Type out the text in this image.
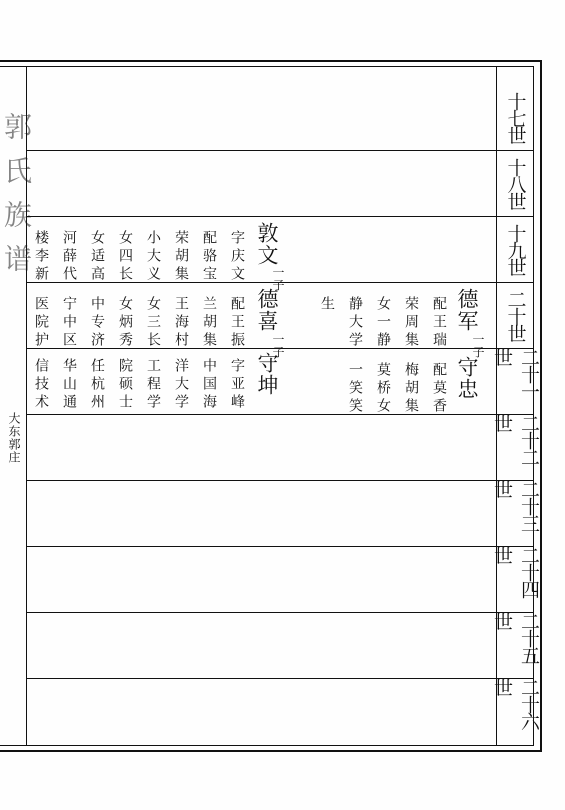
郭氏族谱
大东郭庄
十七世
十八世
十九世
二十世
二十一世
二十二世
二十三世
二十四世
二十五世
二十六世
德军
一子
配王瑞
荣周集
女一静
静大学
生
守忠
配莫香
梅胡集
莫桥女
一笑笑
敦文
一子
字庆文
配骆宝
荣胡集
小大义
女四长
女适高
河薛代
楼李新
德喜
一子
配王振
兰胡集
王海村
女三长
女炳秀
中专济
宁中区
医院护
守坤
字亚峰
中国海
洋大学
工程学
院硕士
任杭州
华山通
信技术
